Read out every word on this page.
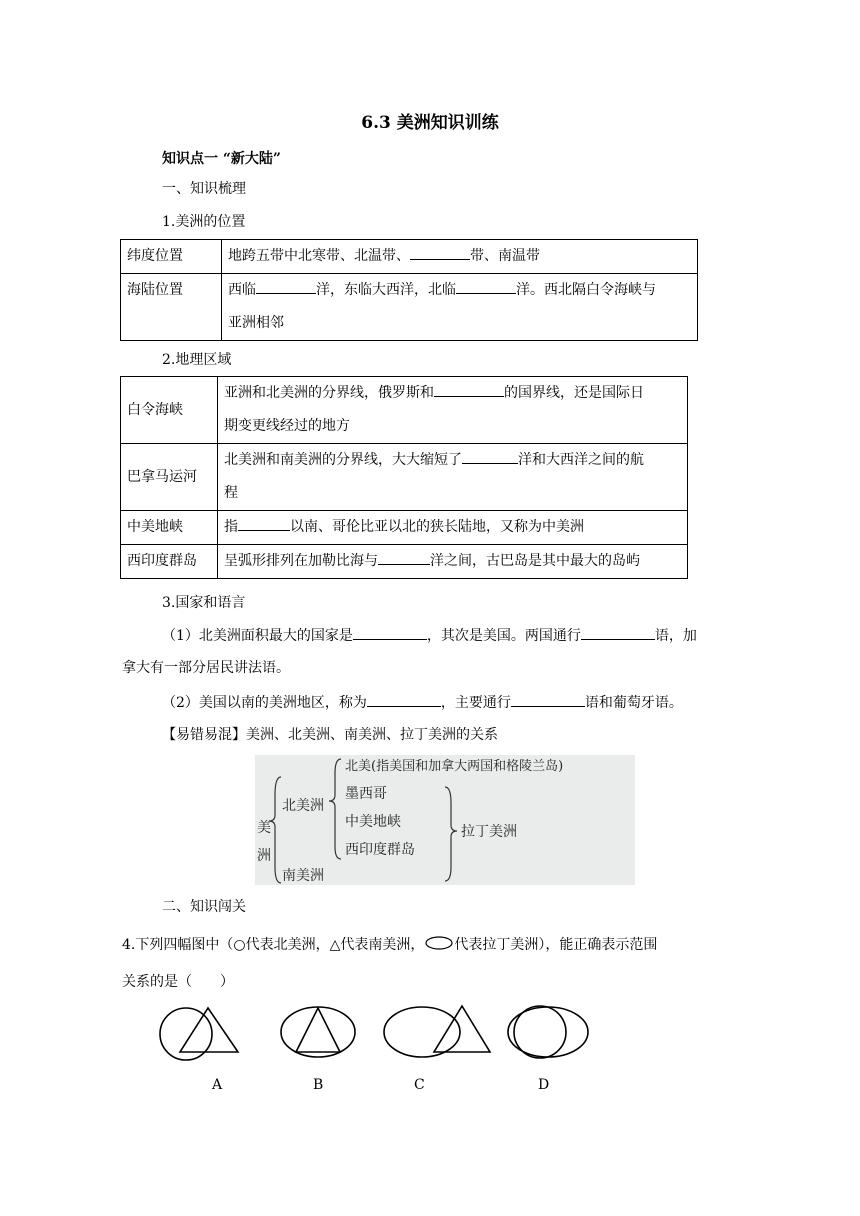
6.3 美洲知识训练
知识点一 “新大陆”
一、知识梳理
1.美洲的位置
纬度位置	地跨五带中北寒带、北温带、 带、南温带
海陆位置	西临 洋，东临大西洋，北临 洋。西北隔白令海峡与
亚洲相邻
2.地理区域
白令海峡	亚洲和北美洲的分界线，俄罗斯和 的国界线，还是国际日
期变更线经过的地方
巴拿马运河	北美洲和南美洲的分界线，大大缩短了 洋和大西洋之间的航
程
中美地峡	指 以南、哥伦比亚以北的狭长陆地，又称为中美洲
西印度群岛	呈弧形排列在加勒比海与 洋之间，古巴岛是其中最大的岛屿
3.国家和语言
（1）北美洲面积最大的国家是	，其次是美国。两国通行	语，加
拿大有一部分居民讲法语。
（2）美国以南的美洲地区，称为	，主要通行	语和葡萄牙语。
【易错易混】美洲、北美洲、南美洲、拉丁美洲的关系
美
洲
北美洲
南美洲
北美(指美国和加拿大两国和格陵兰岛)
墨西哥
中美地峡
西印度群岛
拉丁美洲
二、知识闯关
4.下列四幅图中（○代表北美洲，△代表南美洲， 代表拉丁美洲），能正确表示范围
关系的是（　　）
A	B	C	D
